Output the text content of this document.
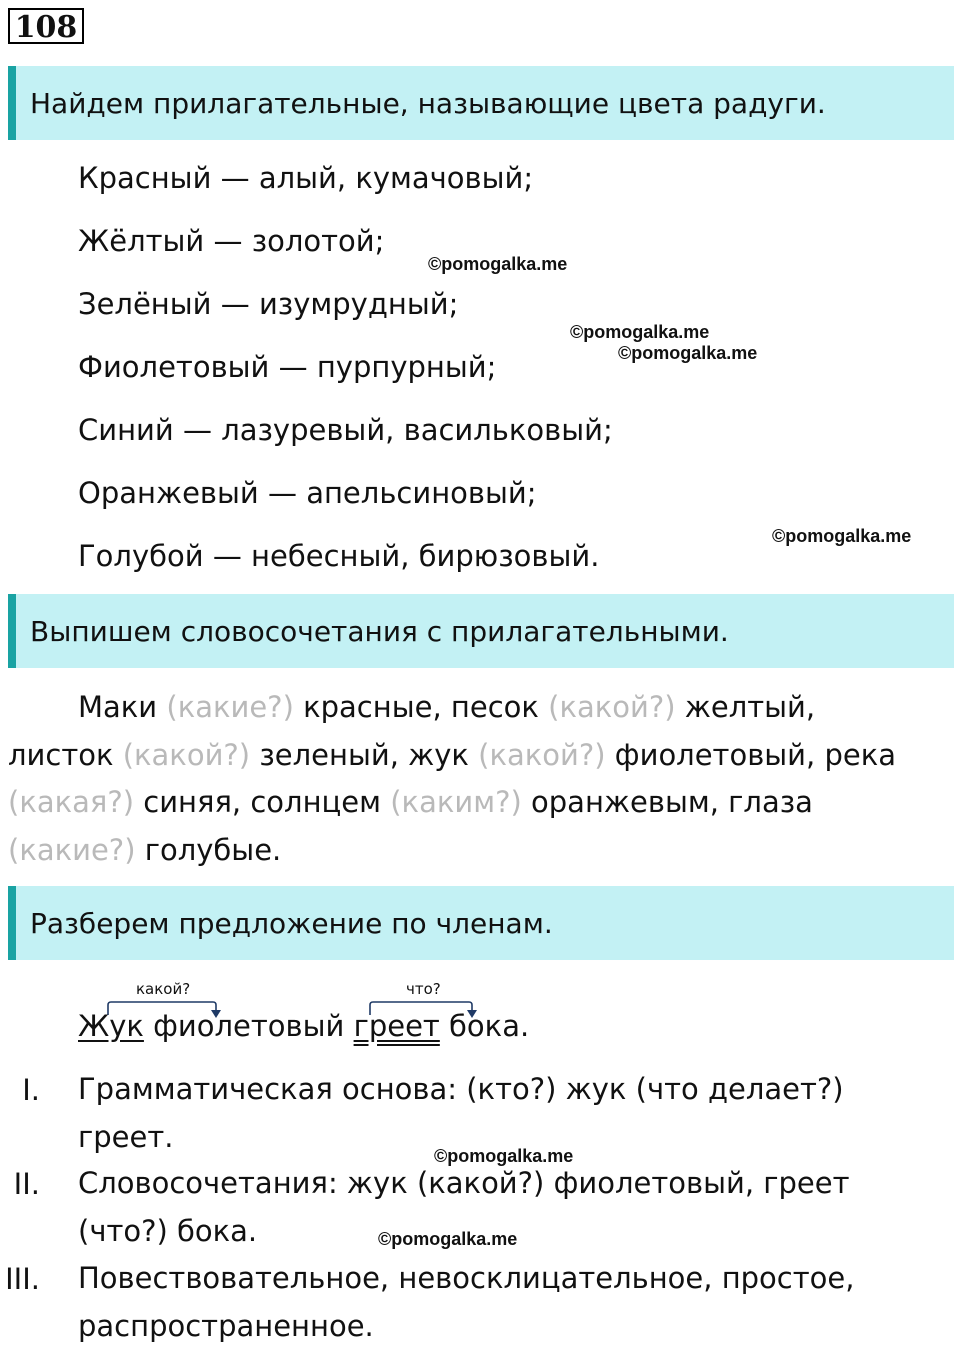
108
Найдем прилагательные, называющие цвета радуги.
Красный — алый, кумачовый;
Жёлтый — золотой;
Зелёный — изумрудный;
Фиолетовый — пурпурный;
Синий — лазуревый, васильковый;
Оранжевый — апельсиновый;
Голубой — небесный, бирюзовый.
©pomogalka.me
©pomogalka.me
©pomogalka.me
©pomogalka.me
Выпишем словосочетания с прилагательными.
Маки (какие?) красные, песок (какой?) желтый,
листок (какой?) зеленый, жук (какой?) фиолетовый, река
(какая?) синяя, солнцем (каким?) оранжевым, глаза
(какие?) голубые.
Разберем предложение по членам.
какой?	что?
Жук фиолетовый греет бока.
I. Грамматическая основа: (кто?) жук (что делает?) греет.
II. Словосочетания: жук (какой?) фиолетовый, греет (что?) бока.
III. Повествовательное, невосклицательное, простое, распространенное.
©pomogalka.me
©pomogalka.me
